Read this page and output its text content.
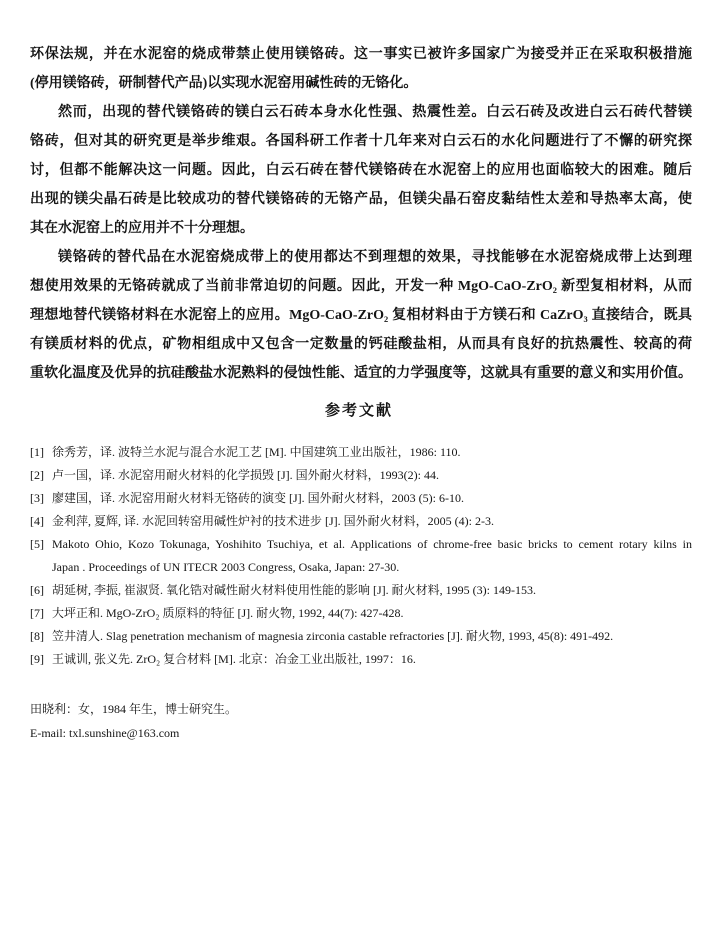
环保法规，并在水泥窑的烧成带禁止使用镁铬砖。这一事实已被许多国家广为接受并正在采取积极措施
(停用镁铬砖，研制替代产品)以实现水泥窑用碱性砖的无铬化。
然而，出现的替代镁铬砖的镁白云石砖本身水化性强、热震性差。白云石砖及改进白云石砖代替镁
铬砖，但对其的研究更是举步维艰。各国科研工作者十几年来对白云石的水化问题进行了不懈的研究探
讨，但都不能解决这一问题。因此，白云石砖在替代镁铬砖在水泥窑上的应用也面临较大的困难。随后
出现的镁尖晶石砖是比较成功的替代镁铬砖的无铬产品，但镁尖晶石窑皮黏结性太差和导热率太高，使
其在水泥窑上的应用并不十分理想。
镁铬砖的替代品在水泥窑烧成带上的使用都达不到理想的效果，寻找能够在水泥窑烧成带上达到理
想使用效果的无铬砖就成了当前非常迫切的问题。因此，开发一种 MgO-CaO-ZrO₂ 新型复相材料，从而
理想地替代镁铬材料在水泥窑上的应用。MgO-CaO-ZrO₂ 复相材料由于方镁石和 CaZrO₃ 直接结合，既具
有镁质材料的优点，矿物相组成中又包含一定数量的钙硅酸盐相，从而具有良好的抗热震性、较高的荷
重软化温度及优异的抗硅酸盐水泥熟料的侵蚀性能、适宜的力学强度等，这就具有重要的意义和实用价值。
参考文献
[1] 徐秀芳，译. 波特兰水泥与混合水泥工艺 [M]. 中国建筑工业出版社，1986: 110.
[2] 卢一国，译. 水泥窑用耐火材料的化学损毁 [J]. 国外耐火材料，1993(2): 44.
[3] 廖建国，译. 水泥窑用耐火材料无铬砖的演变 [J]. 国外耐火材料，2003 (5): 6-10.
[4] 金利萍, 夏辉, 译. 水泥回转窑用碱性炉衬的技术进步 [J]. 国外耐火材料，2005 (4): 2-3.
[5] Makoto Ohio, Kozo Tokunaga, Yoshihito Tsuchiya, et al. Applications of chrome-free basic bricks to cement rotary kilns in
Japan . Proceedings of UN ITECR 2003 Congress, Osaka, Japan: 27-30.
[6] 胡延树, 李振, 崔淑贤. 氧化锆对碱性耐火材料使用性能的影响 [J]. 耐火材料, 1995 (3): 149-153.
[7] 大坪正和. MgO-ZrO₂ 质原料的特征 [J]. 耐火物, 1992, 44(7): 427-428.
[8] 笠井清人. Slag penetration mechanism of magnesia zirconia castable refractories [J]. 耐火物, 1993, 45(8): 491-492.
[9] 王诚训, 张义先. ZrO₂ 复合材料 [M]. 北京：冶金工业出版社, 1997：16.
田晓利：女，1984 年生，博士研究生。
E-mail: txl.sunshine@163.com
